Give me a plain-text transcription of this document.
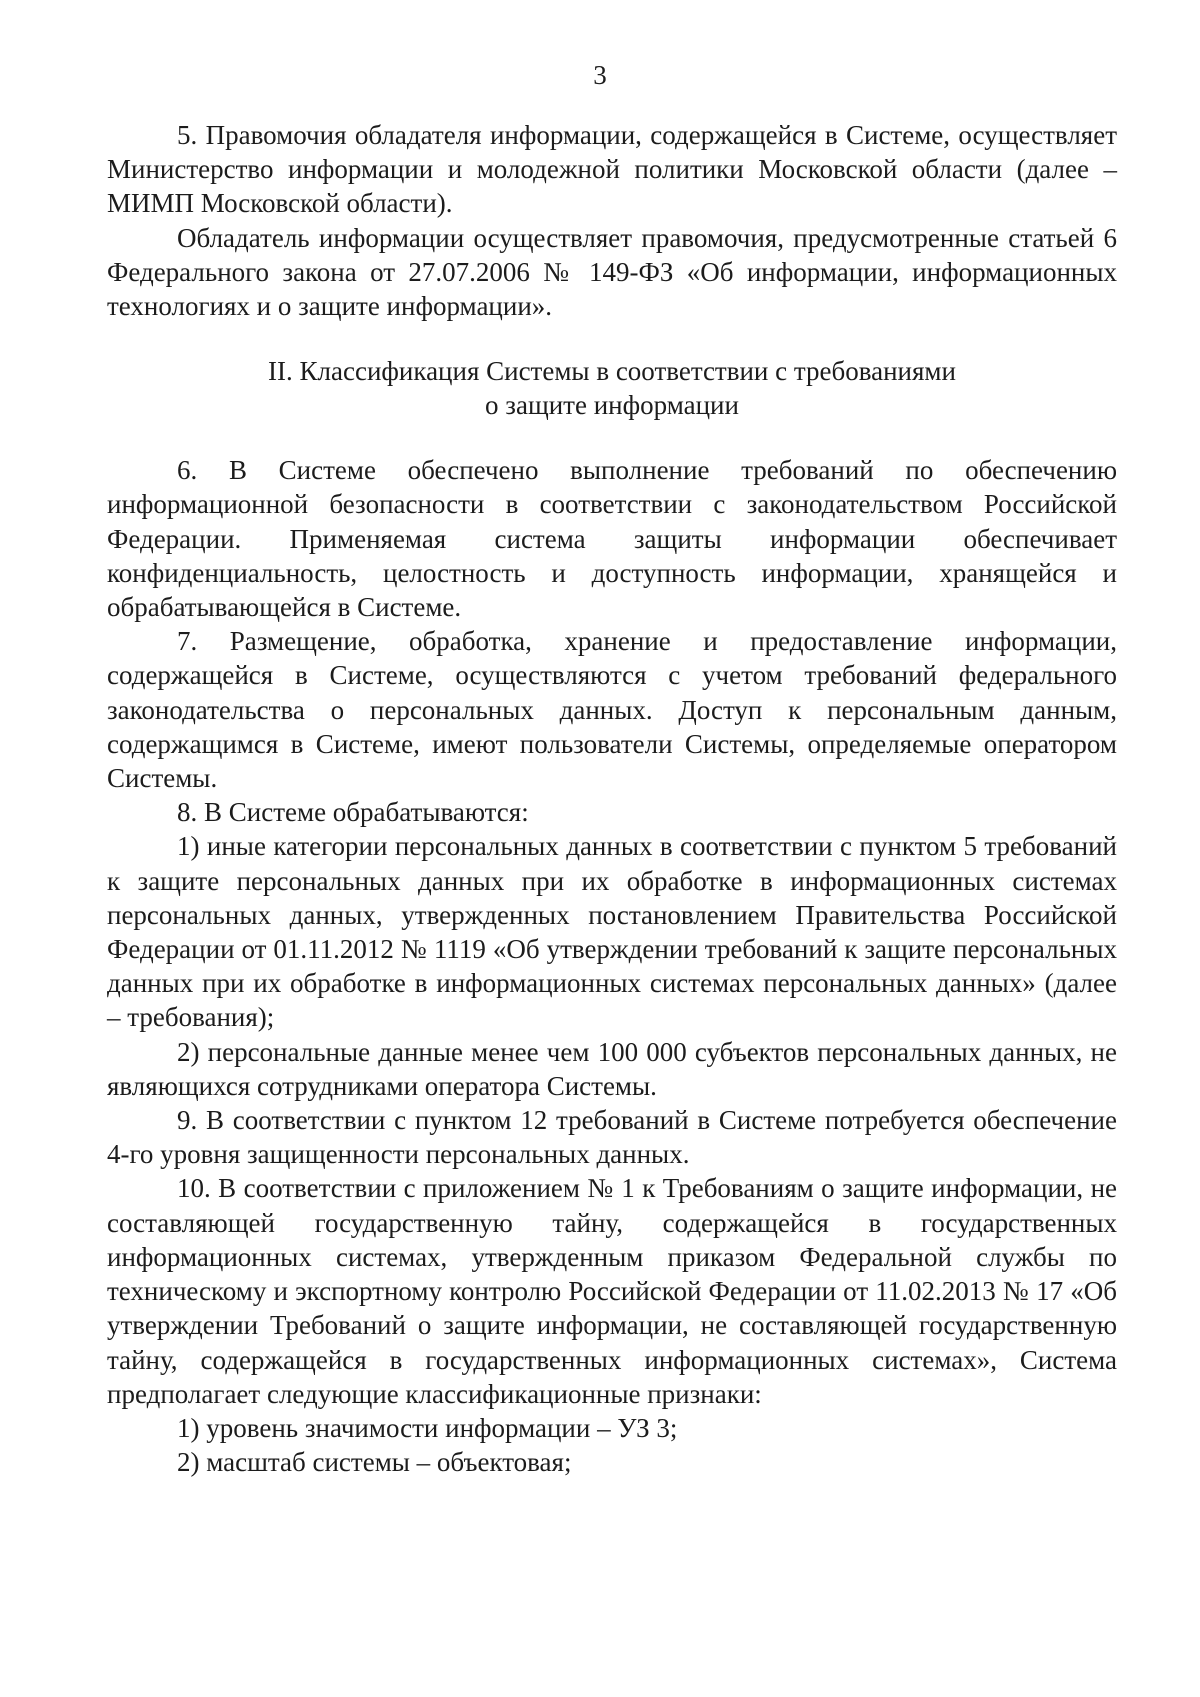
3

5. Правомочия обладателя информации, содержащейся в Системе, осуществляет Министерство информации и молодежной политики Московской области (далее – МИМП Московской области).

Обладатель информации осуществляет правомочия, предусмотренные статьей 6 Федерального закона от 27.07.2006 № 149-ФЗ «Об информации, информационных технологиях и о защите информации».

II. Классификация Системы в соответствии с требованиями
о защите информации

6. В Системе обеспечено выполнение требований по обеспечению информационной безопасности в соответствии с законодательством Российской Федерации. Применяемая система защиты информации обеспечивает конфиденциальность, целостность и доступность информации, хранящейся и обрабатывающейся в Системе.

7. Размещение, обработка, хранение и предоставление информации, содержащейся в Системе, осуществляются с учетом требований федерального законодательства о персональных данных. Доступ к персональным данным, содержащимся в Системе, имеют пользователи Системы, определяемые оператором Системы.

8. В Системе обрабатываются:

1) иные категории персональных данных в соответствии с пунктом 5 требований к защите персональных данных при их обработке в информационных системах персональных данных, утвержденных постановлением Правительства Российской Федерации от 01.11.2012 № 1119 «Об утверждении требований к защите персональных данных при их обработке в информационных системах персональных данных» (далее – требования);

2) персональные данные менее чем 100 000 субъектов персональных данных, не являющихся сотрудниками оператора Системы.

9. В соответствии с пунктом 12 требований в Системе потребуется обеспечение 4-го уровня защищенности персональных данных.

10. В соответствии с приложением № 1 к Требованиям о защите информации, не составляющей государственную тайну, содержащейся в государственных информационных системах, утвержденным приказом Федеральной службы по техническому и экспортному контролю Российской Федерации от 11.02.2013 № 17 «Об утверждении Требований о защите информации, не составляющей государственную тайну, содержащейся в государственных информационных системах», Система предполагает следующие классификационные признаки:

1) уровень значимости информации – УЗ 3;

2) масштаб системы – объектовая;
